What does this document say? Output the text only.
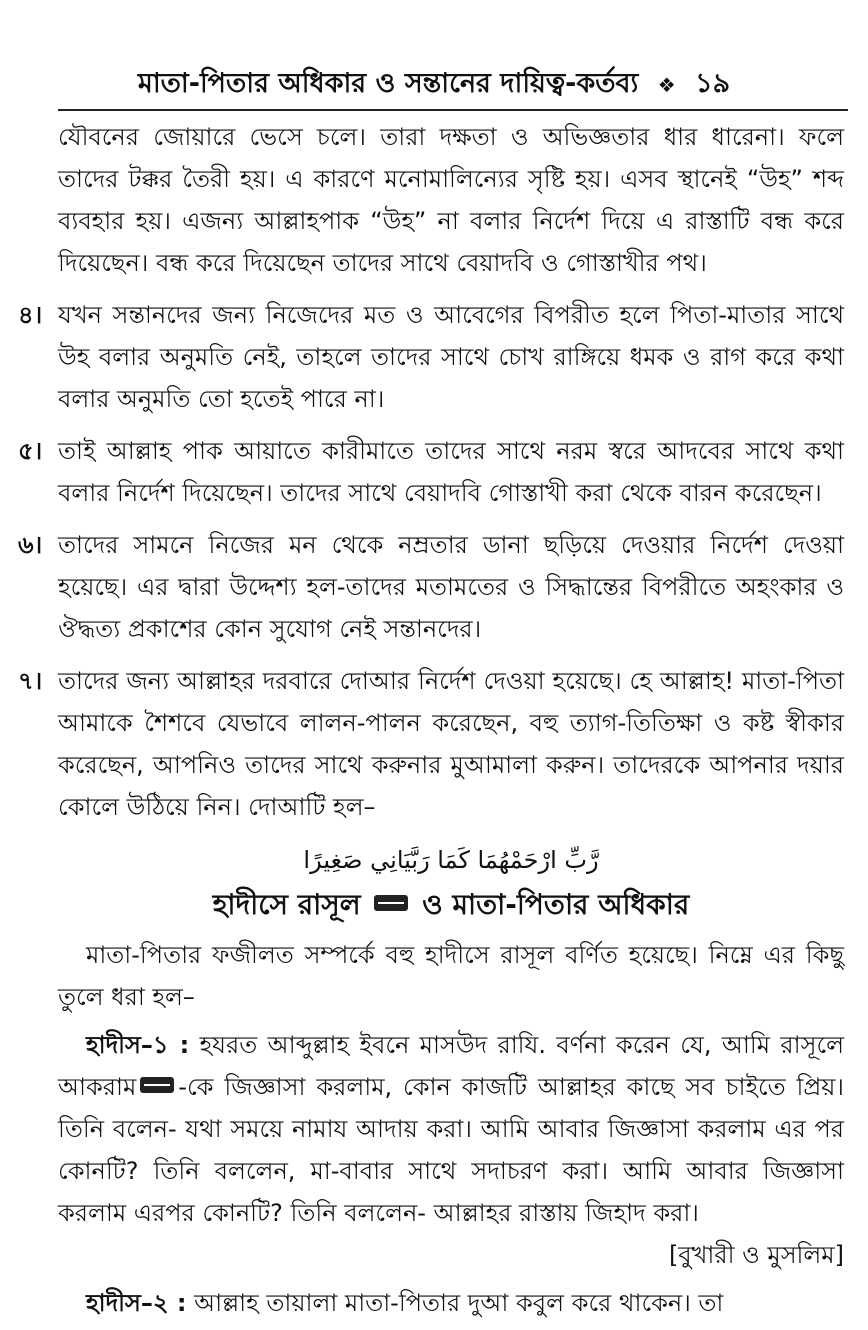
মাতা-পিতার অধিকার ও সন্তানের দায়িত্ব-কর্তব্য ❖ ১৯

যৌবনের জোয়ারে ভেসে চলে। তারা দক্ষতা ও অভিজ্ঞতার ধার ধারেনা। ফলে তাদের টক্কর তৈরী হয়। এ কারণে মনোমালিন্যের সৃষ্টি হয়। এসব স্থানেই “উহ” শব্দ ব্যবহার হয়। এজন্য আল্লাহপাক “উহ” না বলার নির্দেশ দিয়ে এ রাস্তাটি বন্ধ করে দিয়েছেন। বন্ধ করে দিয়েছেন তাদের সাথে বেয়াদবি ও গোস্তাখীর পথ।

৪। যখন সন্তানদের জন্য নিজেদের মত ও আবেগের বিপরীত হলে পিতা-মাতার সাথে উহ বলার অনুমতি নেই, তাহলে তাদের সাথে চোখ রাঙ্গিয়ে ধমক ও রাগ করে কথা বলার অনুমতি তো হতেই পারে না।

৫। তাই আল্লাহ পাক আয়াতে কারীমাতে তাদের সাথে নরম স্বরে আদবের সাথে কথা বলার নির্দেশ দিয়েছেন। তাদের সাথে বেয়াদবি গোস্তাখী করা থেকে বারন করেছেন।

৬। তাদের সামনে নিজের মন থেকে নম্রতার ডানা ছড়িয়ে দেওয়ার নির্দেশ দেওয়া হয়েছে। এর দ্বারা উদ্দেশ্য হল-তাদের মতামতের ও সিদ্ধান্তের বিপরীতে অহংকার ও ঔদ্ধত্য প্রকাশের কোন সুযোগ নেই সন্তানদের।

৭। তাদের জন্য আল্লাহর দরবারে দোআর নির্দেশ দেওয়া হয়েছে। হে আল্লাহ! মাতা-পিতা আমাকে শৈশবে যেভাবে লালন-পালন করেছেন, বহু ত্যাগ-তিতিক্ষা ও কষ্ট স্বীকার করেছেন, আপনিও তাদের সাথে করুনার মুআমালা করুন। তাদেরকে আপনার দয়ার কোলে উঠিয়ে নিন। দোআটি হল–

رَّبِّ ارْحَمْهُمَا كَمَا رَبَّيَانِي صَغِيرًا

হাদীসে রাসূল ও মাতা-পিতার অধিকার

মাতা-পিতার ফজীলত সম্পর্কে বহু হাদীসে রাসূল বর্ণিত হয়েছে। নিম্নে এর কিছু তুলে ধরা হল–

হাদীস–১ : হযরত আব্দুল্লাহ ইবনে মাসউদ রাযি. বর্ণনা করেন যে, আমি রাসূলে আকরাম -কে জিজ্ঞাসা করলাম, কোন কাজটি আল্লাহর কাছে সব চাইতে প্রিয়। তিনি বলেন- যথা সময়ে নামায আদায় করা। আমি আবার জিজ্ঞাসা করলাম এর পর কোনটি? তিনি বললেন, মা-বাবার সাথে সদাচরণ করা। আমি আবার জিজ্ঞাসা করলাম এরপর কোনটি? তিনি বললেন- আল্লাহর রাস্তায় জিহাদ করা।
[বুখারী ও মুসলিম]

হাদীস–২ : আল্লাহ তায়ালা মাতা-পিতার দুআ কবুল করে থাকেন। তা
